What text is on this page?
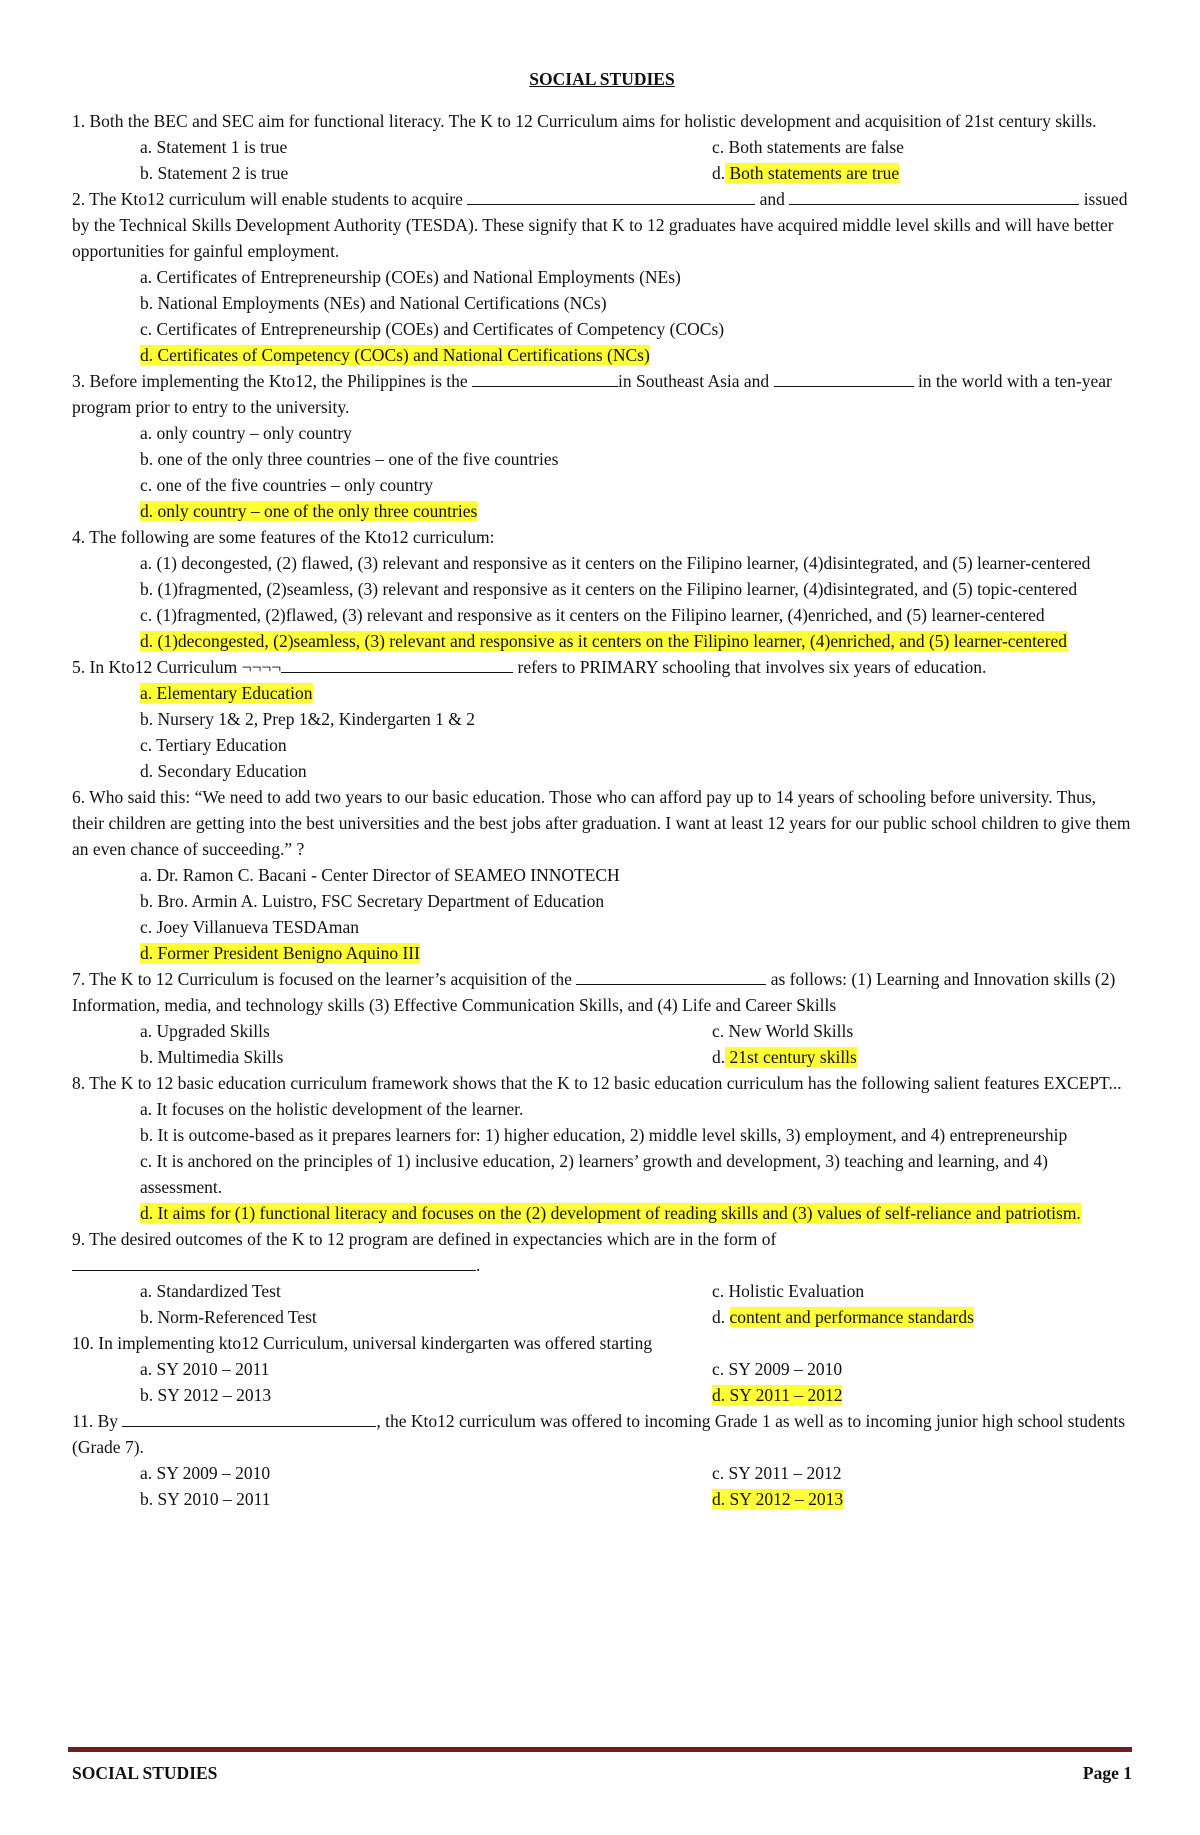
SOCIAL STUDIES
1. Both the BEC and SEC aim for functional literacy. The K to 12 Curriculum aims for holistic development and acquisition of 21st century skills.
a. Statement 1 is true	c. Both statements are false
b. Statement 2 is true	d. Both statements are true
2. The Kto12 curriculum will enable students to acquire	and	issued by the Technical Skills Development Authority (TESDA). These signify that K to 12 graduates have acquired middle level skills and will have better opportunities for gainful employment.
a. Certificates of Entrepreneurship (COEs) and National Employments (NEs)
b. National Employments (NEs) and National Certifications (NCs)
c. Certificates of Entrepreneurship (COEs) and Certificates of Competency (COCs)
d. Certificates of Competency (COCs) and National Certifications (NCs)
3. Before implementing the Kto12, the Philippines is the	in Southeast Asia and	in the world with a ten-year program prior to entry to the university.
a. only country – only country
b. one of the only three countries – one of the five countries
c. one of the five countries – only country
d. only country – one of the only three countries
4. The following are some features of the Kto12 curriculum:
a. (1) decongested, (2) flawed, (3) relevant and responsive as it centers on the Filipino learner, (4)disintegrated, and (5) learner-centered
b. (1)fragmented, (2)seamless, (3) relevant and responsive as it centers on the Filipino learner, (4)disintegrated, and (5) topic-centered
c. (1)fragmented, (2)flawed, (3) relevant and responsive as it centers on the Filipino learner, (4)enriched, and (5) learner-centered
d. (1)decongested, (2)seamless, (3) relevant and responsive as it centers on the Filipino learner, (4)enriched, and (5) learner-centered
5. In Kto12 Curriculum ¬¬¬¬	refers to PRIMARY schooling that involves six years of education.
a. Elementary Education
b. Nursery 1& 2, Prep 1&2, Kindergarten 1 & 2
c. Tertiary Education
d. Secondary Education
6. Who said this: “We need to add two years to our basic education. Those who can afford pay up to 14 years of schooling before university. Thus, their children are getting into the best universities and the best jobs after graduation. I want at least 12 years for our public school children to give them an even chance of succeeding.” ?
a. Dr. Ramon C. Bacani - Center Director of SEAMEO INNOTECH
b. Bro. Armin A. Luistro, FSC Secretary Department of Education
c. Joey Villanueva TESDAman
d. Former President Benigno Aquino III
7. The K to 12 Curriculum is focused on the learner’s acquisition of the	as follows: (1) Learning and Innovation skills (2) Information, media, and technology skills (3) Effective Communication Skills, and (4) Life and Career Skills
a. Upgraded Skills	c. New World Skills
b. Multimedia Skills	d. 21st century skills
8. The K to 12 basic education curriculum framework shows that the K to 12 basic education curriculum has the following salient features EXCEPT...
a. It focuses on the holistic development of the learner.
b. It is outcome-based as it prepares learners for: 1) higher education, 2) middle level skills, 3) employment, and 4) entrepreneurship
c. It is anchored on the principles of 1) inclusive education, 2) learners’ growth and development, 3) teaching and learning, and 4) assessment.
d. It aims for (1) functional literacy and focuses on the (2) development of reading skills and (3) values of self-reliance and patriotism.
9. The desired outcomes of the K to 12 program are defined in expectancies which are in the form of
.
a. Standardized Test	c. Holistic Evaluation
b. Norm-Referenced Test	d. content and performance standards
10. In implementing kto12 Curriculum, universal kindergarten was offered starting
a. SY 2010 – 2011	c. SY 2009 – 2010
b. SY 2012 – 2013	d. SY 2011 – 2012
11. By	, the Kto12 curriculum was offered to incoming Grade 1 as well as to incoming junior high school students (Grade 7).
a. SY 2009 – 2010	c. SY 2011 – 2012
b. SY 2010 – 2011	d. SY 2012 – 2013
SOCIAL STUDIES	Page 1
